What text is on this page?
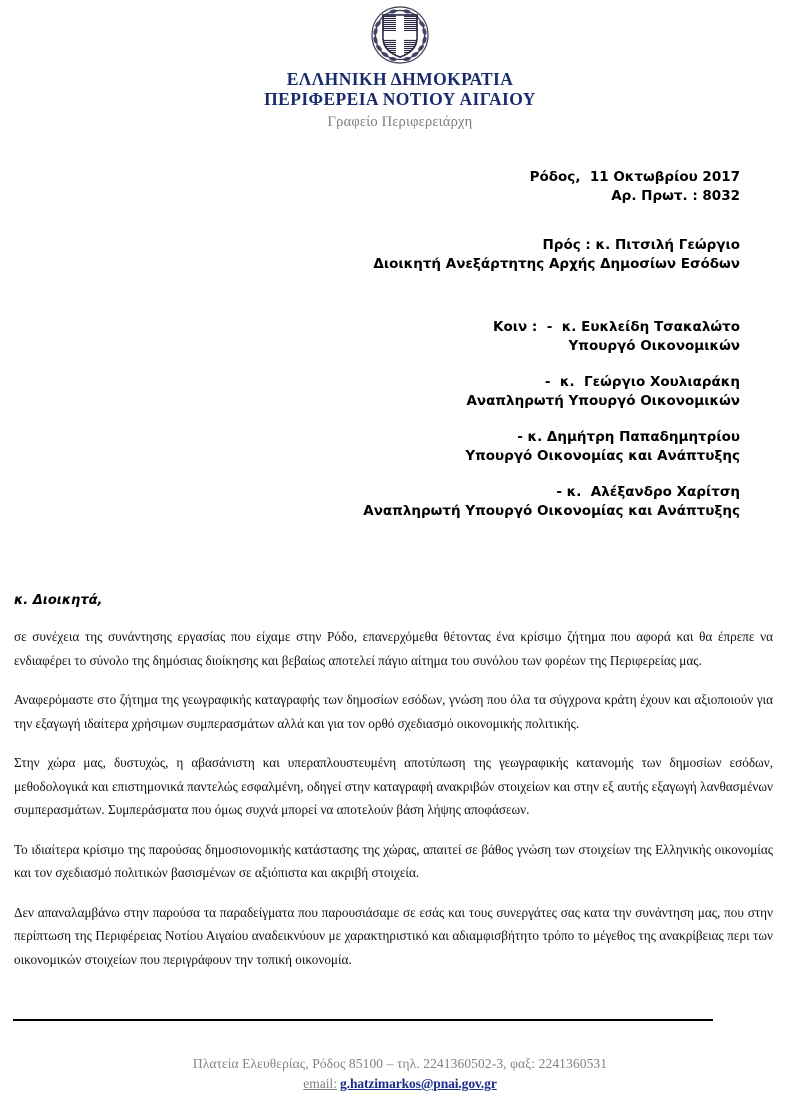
ΕΛΛΗΝΙΚΗ ΔΗΜΟΚΡΑΤΙΑ
ΠΕΡΙΦΕΡΕΙΑ ΝΟΤΙΟΥ ΑΙΓΑΙΟΥ
Γραφείο Περιφερειάρχη
Ρόδος,  11 Οκτωβρίου 2017
Αρ. Πρωτ. : 8032
Πρός : κ. Πιτσιλή Γεώργιο
Διοικητή Ανεξάρτητης Αρχής Δημοσίων Εσόδων
Κοιν :  -  κ. Ευκλείδη Τσακαλώτο
Υπουργό Οικονομικών
-  κ.  Γεώργιο Χουλιαράκη
Αναπληρωτή Υπουργό Οικονομικών
- κ. Δημήτρη Παπαδημητρίου
Υπουργό Οικονομίας και Ανάπτυξης
- κ.  Αλέξανδρο Χαρίτση
Αναπληρωτή Υπουργό Οικονομίας και Ανάπτυξης
κ. Διοικητά,

σε συνέχεια της συνάντησης εργασίας που είχαμε στην Ρόδο, επανερχόμεθα θέτοντας ένα κρίσιμο ζήτημα που αφορά και θα έπρεπε να ενδιαφέρει το σύνολο της δημόσιας διοίκησης και βεβαίως αποτελεί πάγιο αίτημα του συνόλου των φορέων της Περιφερείας μας.

Αναφερόμαστε στο ζήτημα της γεωγραφικής καταγραφής των δημοσίων εσόδων, γνώση που όλα τα σύγχρονα κράτη έχουν και αξιοποιούν για την εξαγωγή ιδαίτερα χρήσιμων συμπερασμάτων αλλά και για τον ορθό σχεδιασμό οικονομικής πολιτικής.

Στην χώρα μας, δυστυχώς, η αβασάνιστη και υπεραπλουστευμένη αποτύπωση της γεωγραφικής κατανομής των δημοσίων εσόδων, μεθοδολογικά και επιστημονικά παντελώς εσφαλμένη, οδηγεί στην καταγραφή ανακριβών στοιχείων και στην εξ αυτής εξαγωγή λανθασμένων συμπερασμάτων. Συμπεράσματα που όμως συχνά μπορεί να αποτελούν βάση λήψης αποφάσεων.

Το ιδιαίτερα κρίσιμο της παρούσας δημοσιονομικής κατάστασης της χώρας, απαιτεί σε βάθος γνώση των στοιχείων της Ελληνικής οικονομίας και τον σχεδιασμό πολιτικών βασισμένων σε αξιόπιστα και ακριβή στοιχεία.

Δεν απαναλαμβάνω στην παρούσα τα παραδείγματα που παρουσιάσαμε σε εσάς και τους συνεργάτες σας κατα την συνάντηση μας, που στην περίπτωση της Περιφέρειας Νοτίου Αιγαίου αναδεικνύουν με χαρακτηριστικό και αδιαμφισβήτητο τρόπο το μέγεθος της ανακρίβειας περι των οικονομικών στοιχείων που περιγράφουν την τοπική οικονομία.

Πλατεία Ελευθερίας, Ρόδος 85100 – τηλ. 2241360502-3, φαξ: 2241360531
email: g.hatzimarkos@pnai.gov.gr
